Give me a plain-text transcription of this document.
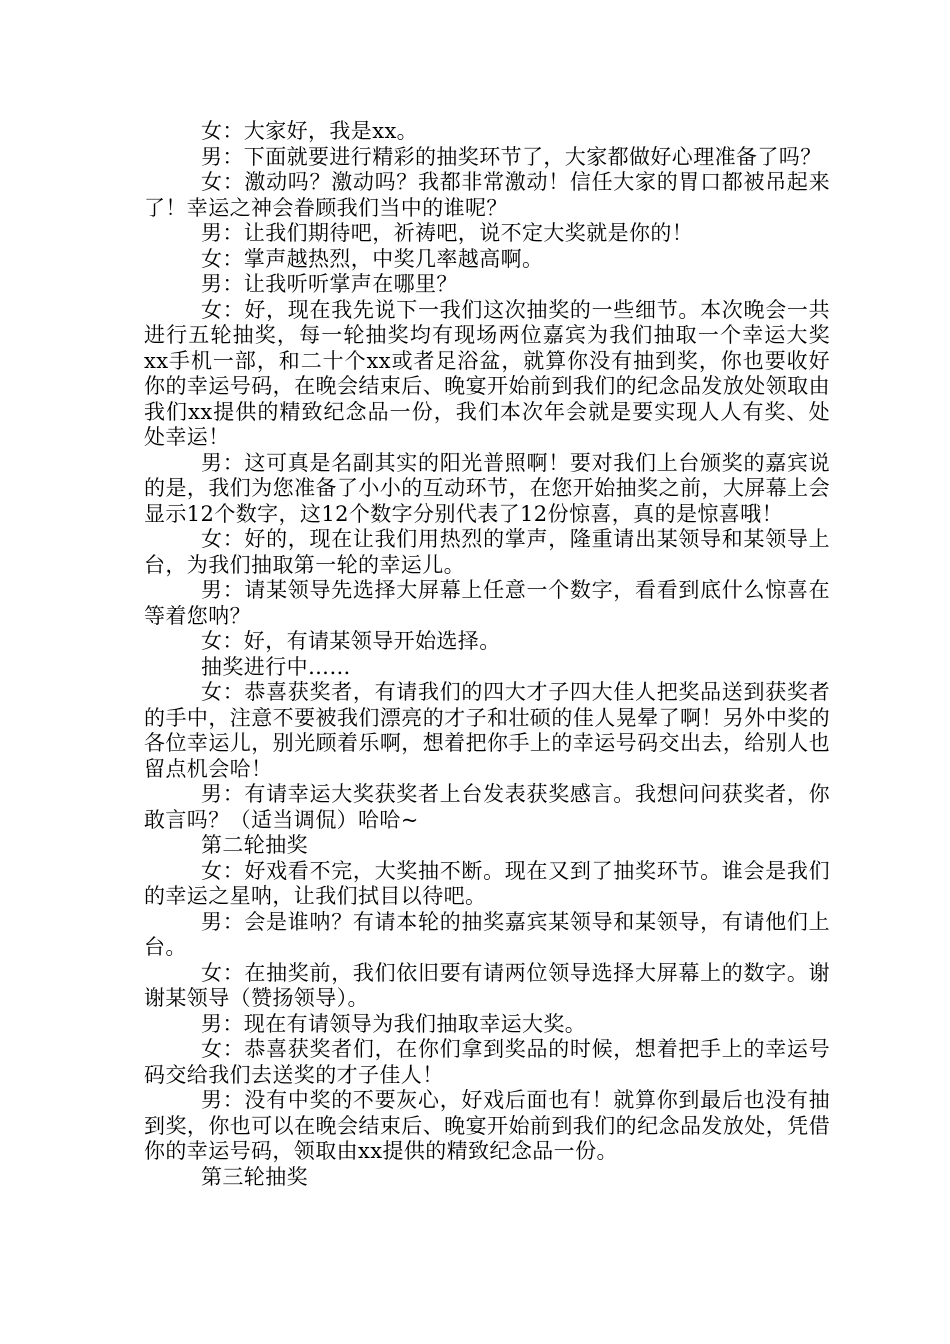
女：大家好，我是xx。

男：下面就要进行精彩的抽奖环节了，大家都做好心理准备了吗？

女：激动吗？激动吗？我都非常激动！信任大家的胃口都被吊起来了！幸运之神会眷顾我们当中的谁呢？

男：让我们期待吧，祈祷吧，说不定大奖就是你的！

女：掌声越热烈，中奖几率越高啊。

男：让我听听掌声在哪里？

女：好，现在我先说下一我们这次抽奖的一些细节。本次晚会一共进行五轮抽奖，每一轮抽奖均有现场两位嘉宾为我们抽取一个幸运大奖xx手机一部，和二十个xx或者足浴盆，就算你没有抽到奖，你也要收好你的幸运号码，在晚会结束后、晚宴开始前到我们的纪念品发放处领取由我们xx提供的精致纪念品一份，我们本次年会就是要实现人人有奖、处处幸运！

男：这可真是名副其实的阳光普照啊！要对我们上台颁奖的嘉宾说的是，我们为您准备了小小的互动环节，在您开始抽奖之前，大屏幕上会显示12个数字，这12个数字分别代表了12份惊喜，真的是惊喜哦！

女：好的，现在让我们用热烈的掌声，隆重请出某领导和某领导上台，为我们抽取第一轮的幸运儿。

男：请某领导先选择大屏幕上任意一个数字，看看到底什么惊喜在等着您呐？

女：好，有请某领导开始选择。

抽奖进行中……

女：恭喜获奖者，有请我们的四大才子四大佳人把奖品送到获奖者的手中，注意不要被我们漂亮的才子和壮硕的佳人晃晕了啊！另外中奖的各位幸运儿，别光顾着乐啊，想着把你手上的幸运号码交出去，给别人也留点机会哈！

男：有请幸运大奖获奖者上台发表获奖感言。我想问问获奖者，你敢言吗？（适当调侃）哈哈~

第二轮抽奖

女：好戏看不完，大奖抽不断。现在又到了抽奖环节。谁会是我们的幸运之星呐，让我们拭目以待吧。

男：会是谁呐？有请本轮的抽奖嘉宾某领导和某领导，有请他们上台。

女：在抽奖前，我们依旧要有请两位领导选择大屏幕上的数字。谢谢某领导（赞扬领导）。

男：现在有请领导为我们抽取幸运大奖。

女：恭喜获奖者们，在你们拿到奖品的时候，想着把手上的幸运号码交给我们去送奖的才子佳人！

男：没有中奖的不要灰心，好戏后面也有！就算你到最后也没有抽到奖，你也可以在晚会结束后、晚宴开始前到我们的纪念品发放处，凭借你的幸运号码，领取由xx提供的精致纪念品一份。

第三轮抽奖
